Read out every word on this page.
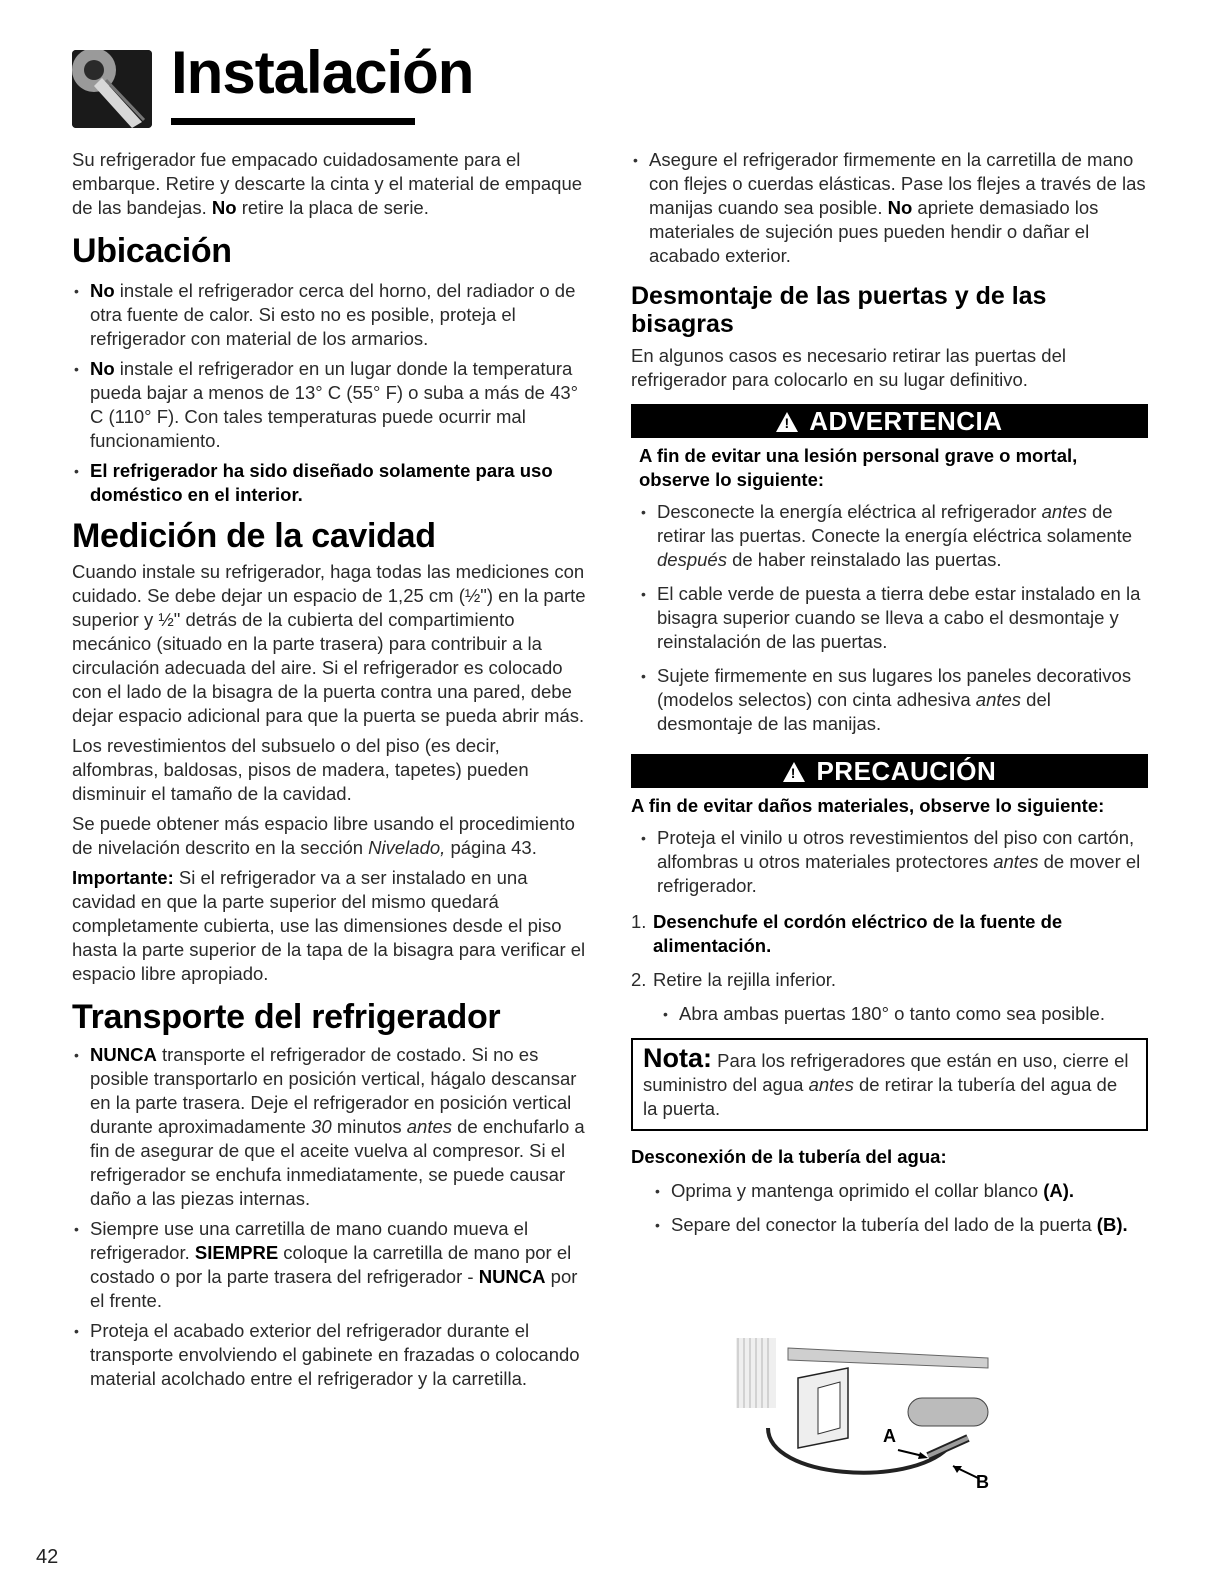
Instalación

Su refrigerador fue empacado cuidadosamente para el embarque. Retire y descarte la cinta y el material de empaque de las bandejas. No retire la placa de serie.

Ubicación
• No instale el refrigerador cerca del horno, del radiador o de otra fuente de calor. Si esto no es posible, proteja el refrigerador con material de los armarios.
• No instale el refrigerador en un lugar donde la temperatura pueda bajar a menos de 13° C (55° F) o suba a más de 43° C (110° F). Con tales temperaturas puede ocurrir mal funcionamiento.
• El refrigerador ha sido diseñado solamente para uso doméstico en el interior.
Medición de la cavidad

Cuando instale su refrigerador, haga todas las mediciones con cuidado. Se debe dejar un espacio de 1,25 cm (½") en la parte superior y ½" detrás de la cubierta del compartimiento mecánico (situado en la parte trasera) para contribuir a la circulación adecuada del aire. Si el refrigerador es colocado con el lado de la bisagra de la puerta contra una pared, debe dejar espacio adicional para que la puerta se pueda abrir más.

Los revestimientos del subsuelo o del piso (es decir, alfombras, baldosas, pisos de madera, tapetes) pueden disminuir el tamaño de la cavidad.

Se puede obtener más espacio libre usando el procedimiento de nivelación descrito en la sección Nivelado, página 43.

Importante: Si el refrigerador va a ser instalado en una cavidad en que la parte superior del mismo quedará completamente cubierta, use las dimensiones desde el piso hasta la parte superior de la tapa de la bisagra para verificar el espacio libre apropiado.

Transporte del refrigerador
• NUNCA transporte el refrigerador de costado. Si no es posible transportarlo en posición vertical, hágalo descansar en la parte trasera. Deje el refrigerador en posición vertical durante aproximadamente 30 minutos antes de enchufarlo a fin de asegurar de que el aceite vuelva al compresor. Si el refrigerador se enchufa inmediatamente, se puede causar daño a las piezas internas.
• Siempre use una carretilla de mano cuando mueva el refrigerador. SIEMPRE coloque la carretilla de mano por el costado o por la parte trasera del refrigerador - NUNCA por el frente.
• Proteja el acabado exterior del refrigerador durante el transporte envolviendo el gabinete en frazadas o colocando material acolchado entre el refrigerador y la carretilla.
• Asegure el refrigerador firmemente en la carretilla de mano con flejes o cuerdas elásticas. Pase los flejes a través de las manijas cuando sea posible. No apriete demasiado los materiales de sujeción pues pueden hendir o dañar el acabado exterior.
Desmontaje de las puertas y de las bisagras

En algunos casos es necesario retirar las puertas del refrigerador para colocarlo en su lugar definitivo.

! ADVERTENCIA

A fin de evitar una lesión personal grave o mortal, observe lo siguiente:

• Desconecte la energía eléctrica al refrigerador antes de retirar las puertas. Conecte la energía eléctrica solamente después de haber reinstalado las puertas.
• El cable verde de puesta a tierra debe estar instalado en la bisagra superior cuando se lleva a cabo el desmontaje y reinstalación de las puertas.
• Sujete firmemente en sus lugares los paneles decorativos (modelos selectos) con cinta adhesiva antes del desmontaje de las manijas.
! PRECAUCIÓN

A fin de evitar daños materiales, observe lo siguiente:

• Proteja el vinilo u otros revestimientos del piso con cartón, alfombras u otros materiales protectores antes de mover el refrigerador.
1. Desenchufe el cordón eléctrico de la fuente de alimentación.
2. Retire la rejilla inferior.
• Abra ambas puertas 180° o tanto como sea posible.
Nota: Para los refrigeradores que están en uso, cierre el suministro del agua antes de retirar la tubería del agua de la puerta.

Desconexión de la tubería del agua:

• Oprima y mantenga oprimido el collar blanco (A).
• Separe del conector la tubería del lado de la puerta (B).
A
B
42
